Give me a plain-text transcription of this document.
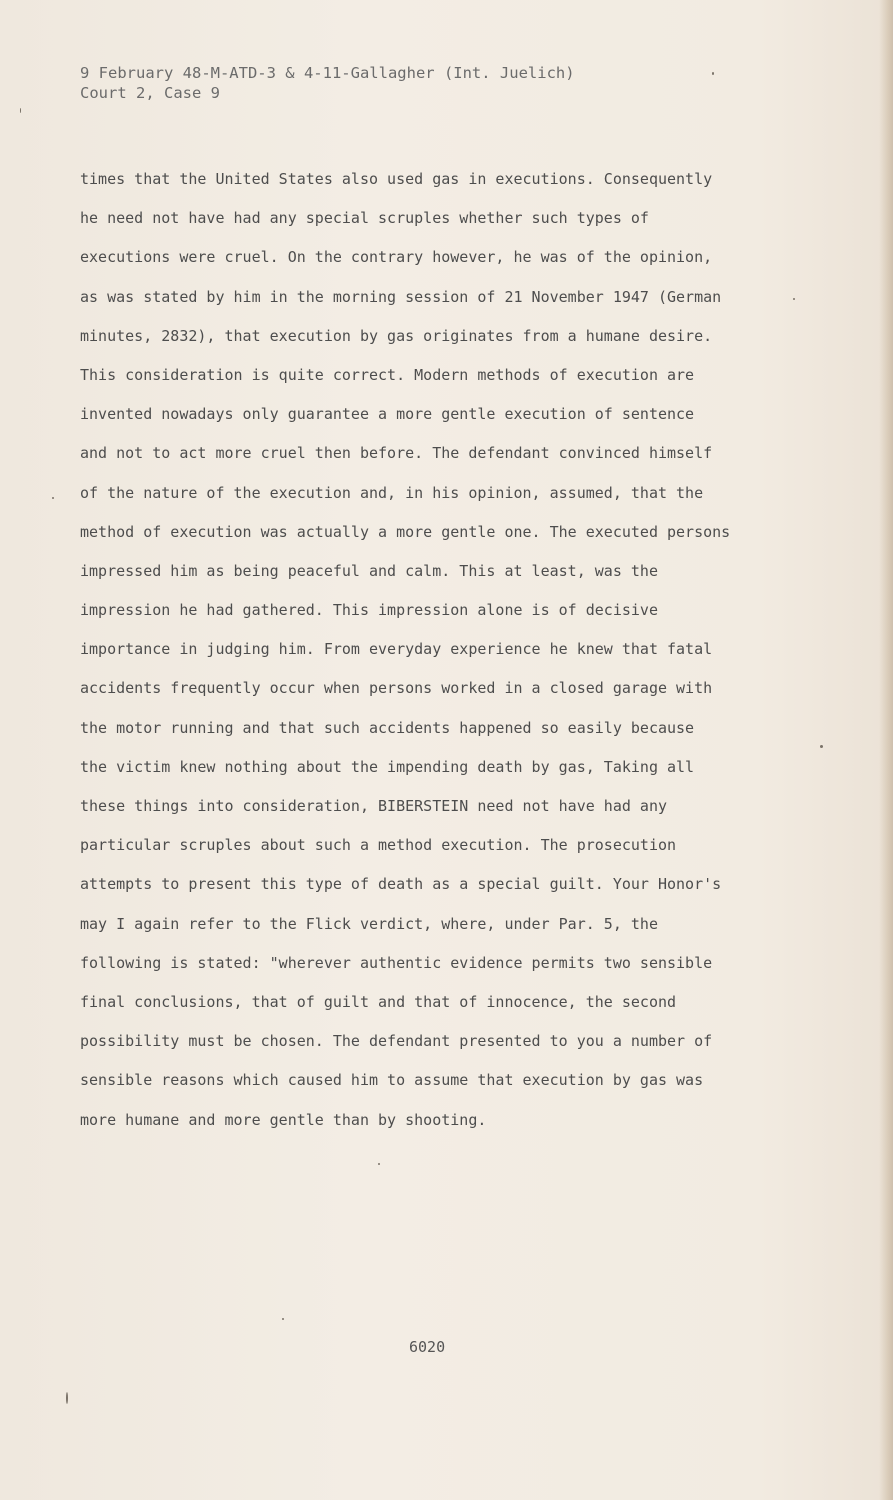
9 February 48-M-ATD-3 & 4-11-Gallagher (Int. Juelich)
Court 2, Case 9
times that the United States also used gas in executions. Consequently
he need not have had any special scruples whether such types of
executions were cruel. On the contrary however, he was of the opinion,
as was stated by him in the morning session of 21 November 1947 (German
minutes, 2832), that execution by gas originates from a humane desire.
This consideration is quite correct. Modern methods of execution are
invented nowadays only guarantee a more gentle execution of sentence
and not to act more cruel then before. The defendant convinced himself
of the nature of the execution and, in his opinion, assumed, that the
method of execution was actually a more gentle one. The executed persons
impressed him as being peaceful and calm. This at least, was the
impression he had gathered. This impression alone is of decisive
importance in judging him. From everyday experience he knew that fatal
accidents frequently occur when persons worked in a closed garage with
the motor running and that such accidents happened so easily because
the victim knew nothing about the impending death by gas, Taking all
these things into consideration, BIBERSTEIN need not have had any
particular scruples about such a method execution. The prosecution
attempts to present this type of death as a special guilt. Your Honor's
may I again refer to the Flick verdict, where, under Par. 5, the
following is stated: "wherever authentic evidence permits two sensible
final conclusions, that of guilt and that of innocence, the second
possibility must be chosen. The defendant presented to you a number of
sensible reasons which caused him to assume that execution by gas was
more humane and more gentle than by shooting.
6020
